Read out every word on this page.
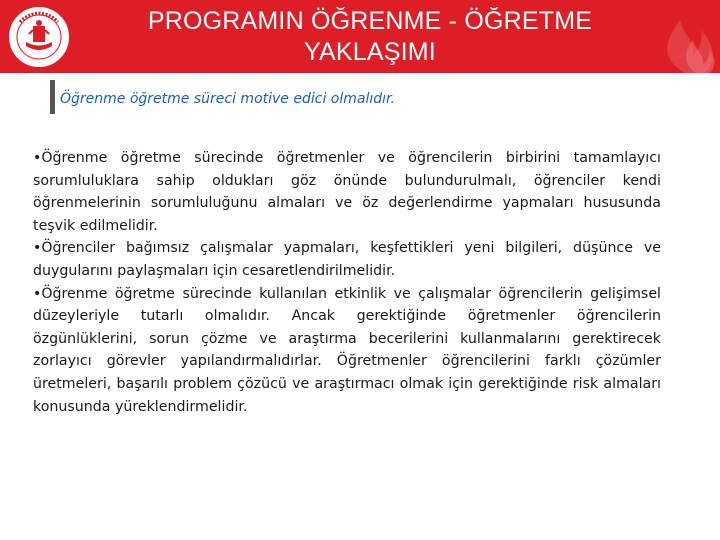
PROGRAMIN ÖĞRENME - ÖĞRETME YAKLAŞIMI
Öğrenme öğretme süreci motive edici olmalıdır.

•Öğrenme öğretme sürecinde öğretmenler ve öğrencilerin birbirini tamamlayıcı sorumluluklara sahip oldukları göz önünde bulundurulmalı, öğrenciler kendi öğrenmelerinin sorumluluğunu almaları ve öz değerlendirme yapmaları hususunda teşvik edilmelidir.

•Öğrenciler bağımsız çalışmalar yapmaları, keşfettikleri yeni bilgileri, düşünce ve duygularını paylaşmaları için cesaretlendirilmelidir.

•Öğrenme öğretme sürecinde kullanılan etkinlik ve çalışmalar öğrencilerin gelişimsel düzeyleriyle tutarlı olmalıdır. Ancak gerektiğinde öğretmenler öğrencilerin özgünlüklerini, sorun çözme ve araştırma becerilerini kullanmalarını gerektirecek zorlayıcı görevler yapılandırmalıdırlar. Öğretmenler öğrencilerini farklı çözümler üretmeleri, başarılı problem çözücü ve araştırmacı olmak için gerektiğinde risk almaları konusunda yüreklendirmelidir.
